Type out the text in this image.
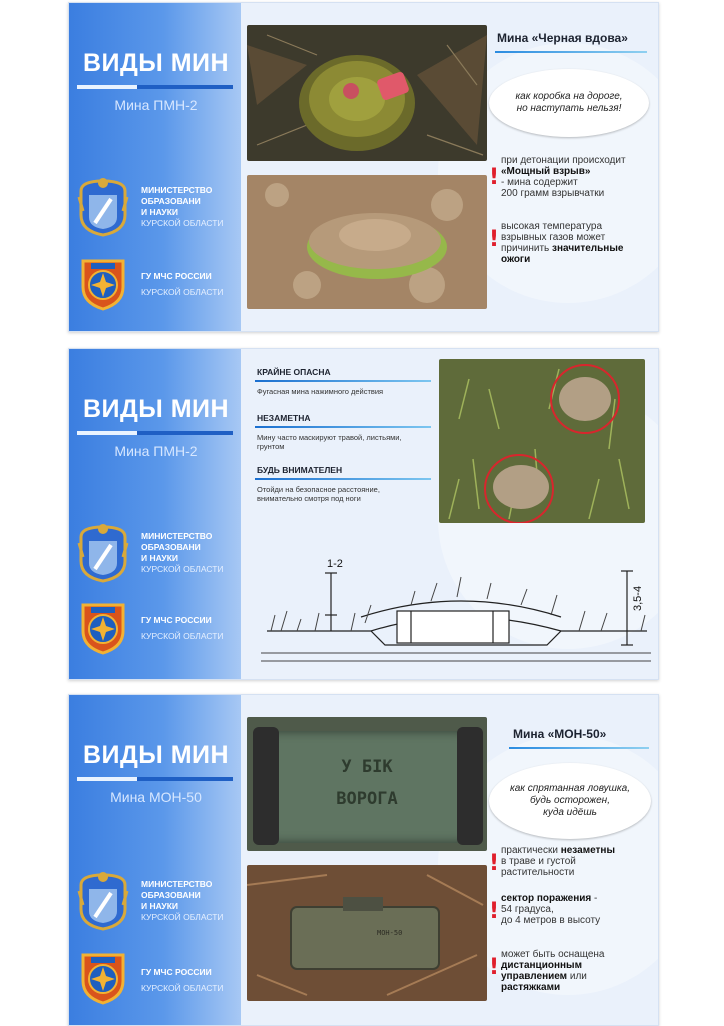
ВИДЫ МИН
Мина ПМН-2
МИНИСТЕРСТВО
ОБРАЗОВАНИ
И НАУКИ
КУРСКОЙ ОБЛАСТИ
ГУ МЧС РОССИИ
КУРСКОЙ ОБЛАСТИ
Мина «Черная вдова»
как коробка на дороге,
но наступать нельзя!
!
при детонации происходит
«Мощный взрыв»
- мина содержит
200 грамм взрывчатки
!
высокая температура
взрывных газов может
причинить значительные
ожоги
ВИДЫ МИН
Мина ПМН-2
МИНИСТЕРСТВО
ОБРАЗОВАНИ
И НАУКИ
КУРСКОЙ ОБЛАСТИ
ГУ МЧС РОССИИ
КУРСКОЙ ОБЛАСТИ
КРАЙНЕ ОПАСНА
Фугасная мина нажимного действия
НЕЗАМЕТНА
Мину часто маскируют травой, листьями,
грунтом
БУДЬ ВНИМАТЕЛЕН
Отойди на безопасное расстояние,
внимательно смотря под ноги
1-2
3,5-4
ВИДЫ МИН
Мина МОН-50
МИНИСТЕРСТВО
ОБРАЗОВАНИ
И НАУКИ
КУРСКОЙ ОБЛАСТИ
ГУ МЧС РОССИИ
КУРСКОЙ ОБЛАСТИ
У БІК
ВОРОГА
МОН-50
Мина «МОН-50»
как спрятанная ловушка,
будь осторожен,
куда идёшь
!
практически незаметны
в траве и густой
растительности
!
сектор поражения -
54 градуса,
до 4 метров в высоту
!
может быть оснащена
дистанционным
управлением или
растяжками
